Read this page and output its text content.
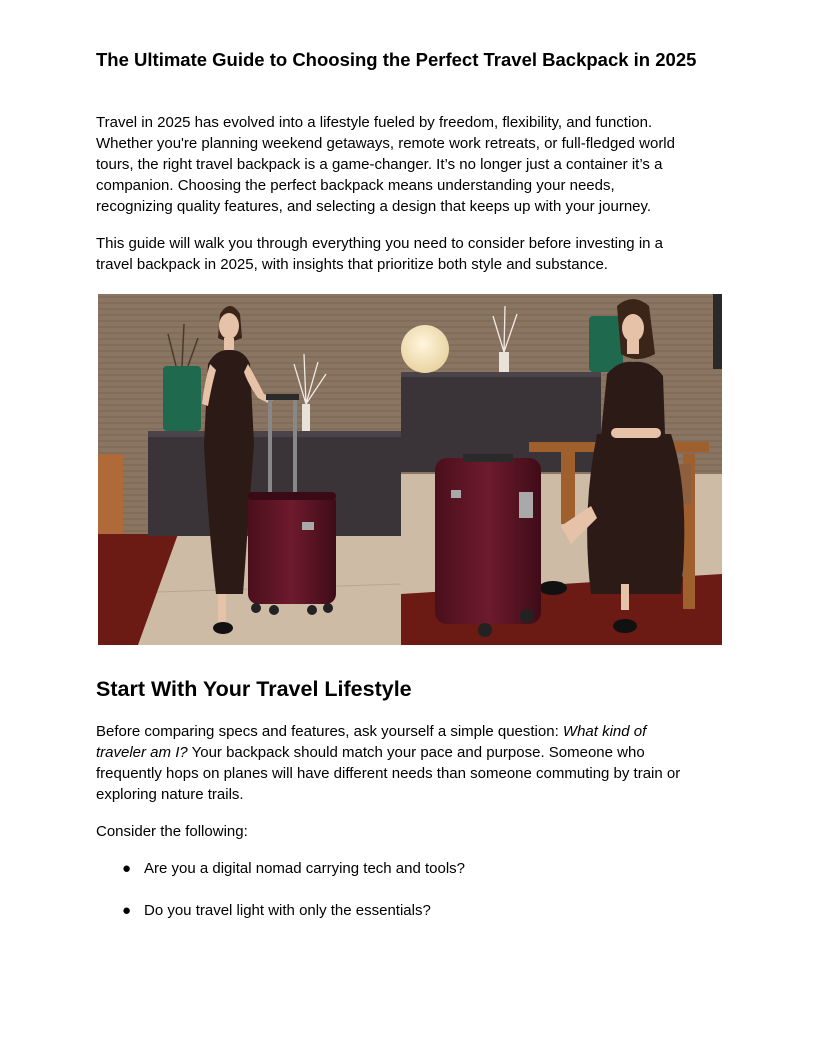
The Ultimate Guide to Choosing the Perfect Travel Backpack in 2025

Travel in 2025 has evolved into a lifestyle fueled by freedom, flexibility, and function.
Whether you're planning weekend getaways, remote work retreats, or full-fledged world
tours, the right travel backpack is a game-changer. It’s no longer just a container it’s a
companion. Choosing the perfect backpack means understanding your needs,
recognizing quality features, and selecting a design that keeps up with your journey.

This guide will walk you through everything you need to consider before investing in a
travel backpack in 2025, with insights that prioritize both style and substance.

Start With Your Travel Lifestyle

Before comparing specs and features, ask yourself a simple question: What kind of
traveler am I? Your backpack should match your pace and purpose. Someone who
frequently hops on planes will have different needs than someone commuting by train or
exploring nature trails.

Consider the following:

● Are you a digital nomad carrying tech and tools?
● Do you travel light with only the essentials?
